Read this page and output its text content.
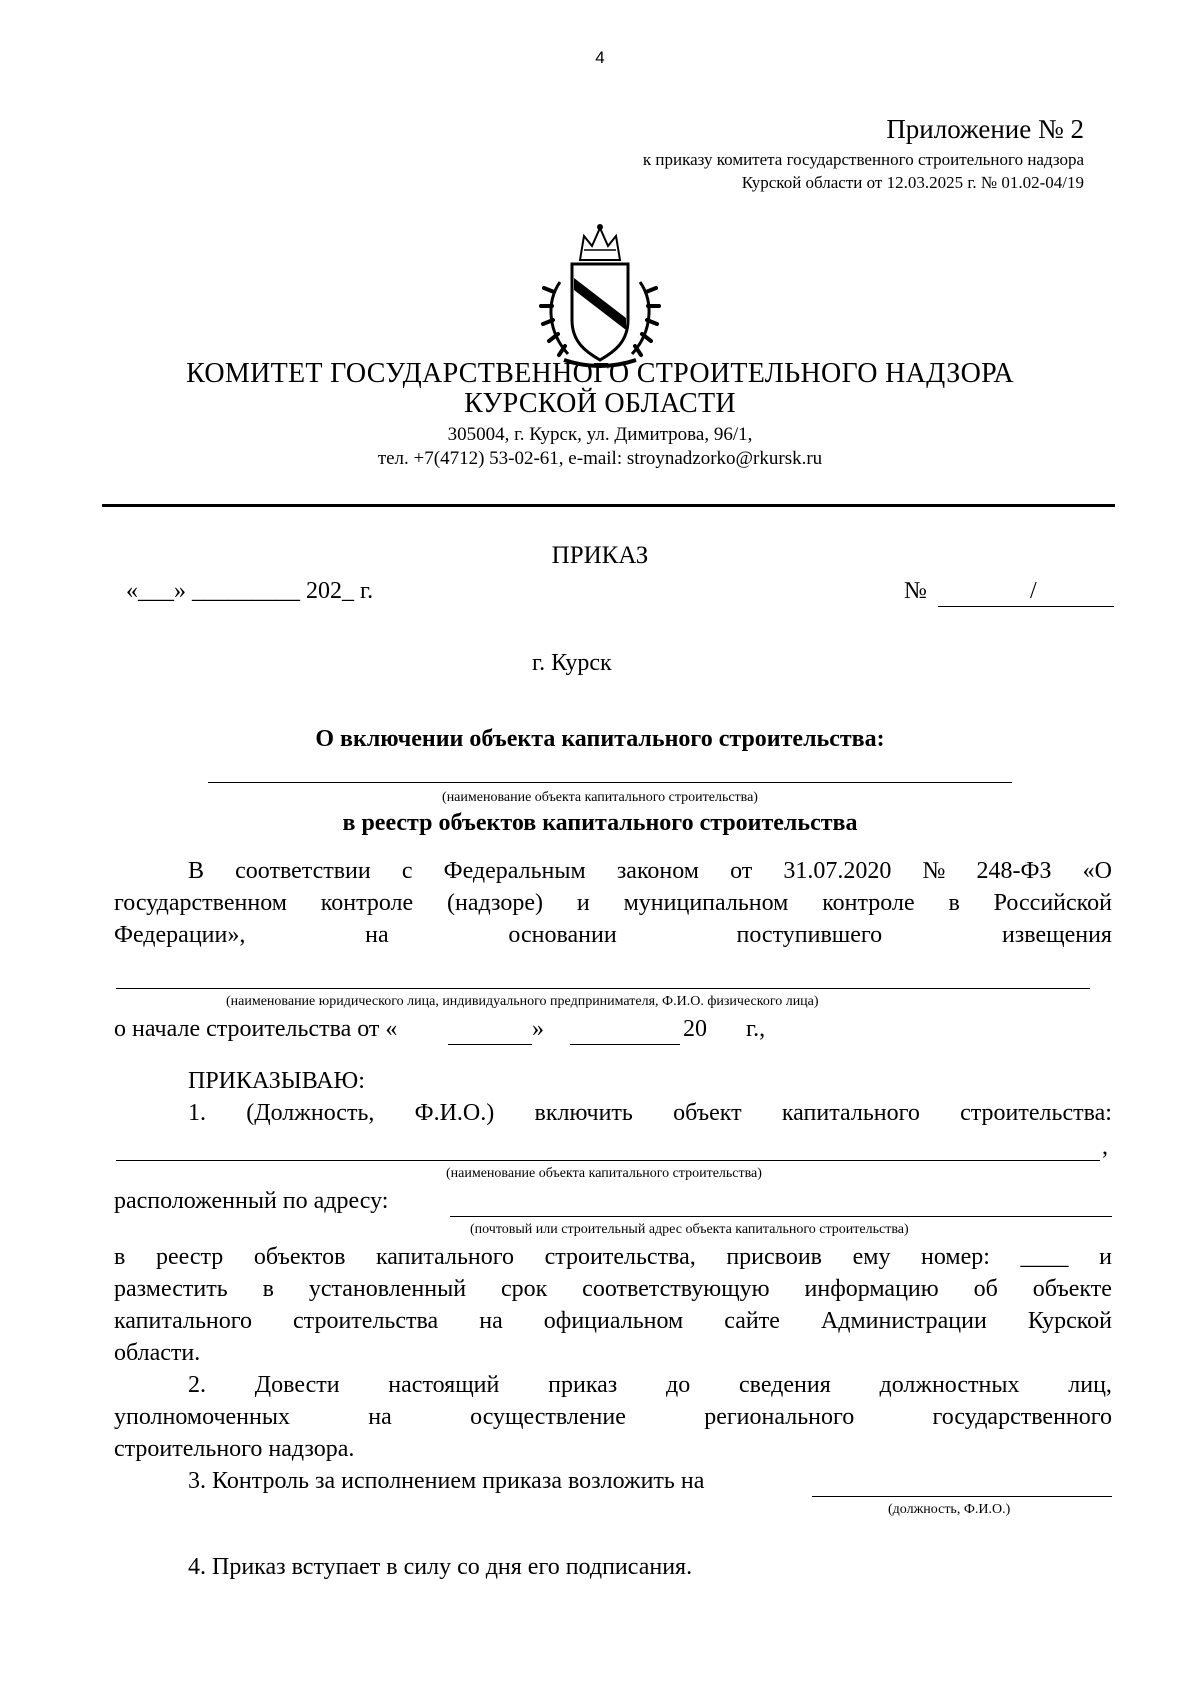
4
Приложение № 2
к приказу комитета государственного строительного надзора
Курской области от 12.03.2025 г. № 01.02-04/19
КОМИТЕТ ГОСУДАРСТВЕННОГО СТРОИТЕЛЬНОГО НАДЗОРА
КУРСКОЙ ОБЛАСТИ
305004, г. Курск, ул. Димитрова, 96/1,
тел. +7(4712) 53-02-61, e-mail: stroynadzorko@rkursk.ru
ПРИКАЗ
«___» _________ 202_ г.	№	/
г. Курск
О включении объекта капитального строительства:
(наименование объекта капитального строительства)
в реестр объектов капитального строительства
В соответствии с Федеральным законом от 31.07.2020 № 248-ФЗ «О
государственном контроле (надзоре) и муниципальном контроле в Российской
Федерации»,	на	основании	поступившего	извещения
(наименование юридического лица, индивидуального предпринимателя, Ф.И.О. физического лица)
о начале строительства от «	»	20 г.,
ПРИКАЗЫВАЮ:
1. (Должность, Ф.И.О.) включить объект капитального строительства:
,
(наименование объекта капитального строительства)
расположенный по адресу:
(почтовый или строительный адрес объекта капитального строительства)
в реестр объектов капитального строительства, присвоив ему номер: ____ и
разместить в установленный срок соответствующую информацию об объекте
капитального строительства на официальном сайте Администрации Курской
области.
2. Довести настоящий приказ до сведения должностных лиц,
уполномоченных	на	осуществление	регионального	государственного
строительного надзора.
3. Контроль за исполнением приказа возложить на
(должность, Ф.И.О.)
4. Приказ вступает в силу со дня его подписания.
